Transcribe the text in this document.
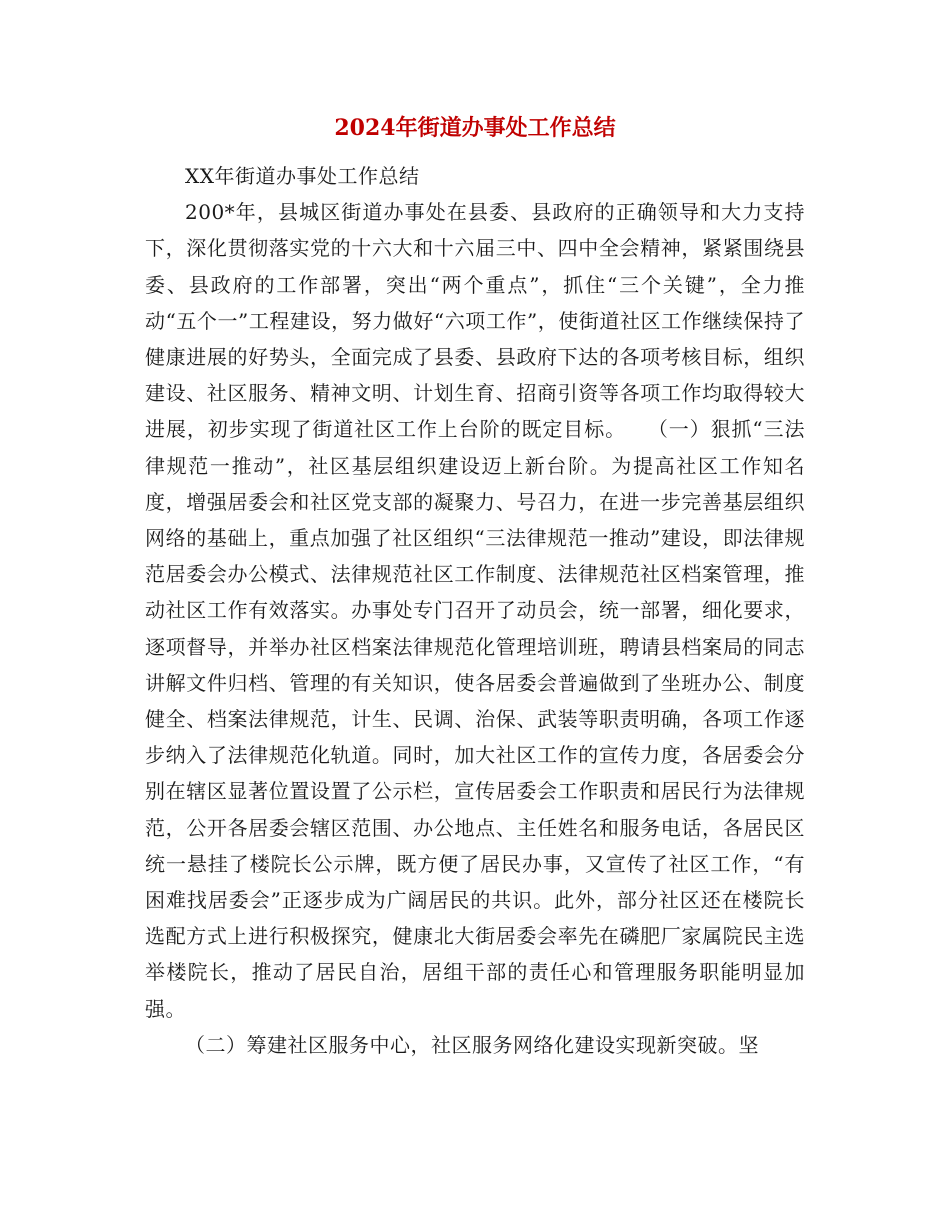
2024年街道办事处工作总结

XX年街道办事处工作总结

200*年，县城区街道办事处在县委、县政府的正确领导和大力支持下，深化贯彻落实党的十六大和十六届三中、四中全会精神，紧紧围绕县委、县政府的工作部署，突出“两个重点”，抓住“三个关键”，全力推动“五个一”工程建设，努力做好“六项工作”，使街道社区工作继续保持了健康进展的好势头，全面完成了县委、县政府下达的各项考核目标，组织建设、社区服务、精神文明、计划生育、招商引资等各项工作均取得较大进展，初步实现了街道社区工作上台阶的既定目标。　　（一）狠抓“三法律规范一推动”，社区基层组织建设迈上新台阶。为提高社区工作知名度，增强居委会和社区党支部的凝聚力、号召力，在进一步完善基层组织网络的基础上，重点加强了社区组织“三法律规范一推动”建设，即法律规范居委会办公模式、法律规范社区工作制度、法律规范社区档案管理，推动社区工作有效落实。办事处专门召开了动员会，统一部署，细化要求，逐项督导，并举办社区档案法律规范化管理培训班，聘请县档案局的同志讲解文件归档、管理的有关知识，使各居委会普遍做到了坐班办公、制度健全、档案法律规范，计生、民调、治保、武装等职责明确，各项工作逐步纳入了法律规范化轨道。同时，加大社区工作的宣传力度，各居委会分别在辖区显著位置设置了公示栏，宣传居委会工作职责和居民行为法律规范，公开各居委会辖区范围、办公地点、主任姓名和服务电话，各居民区统一悬挂了楼院长公示牌，既方便了居民办事，又宣传了社区工作，“有困难找居委会”正逐步成为广阔居民的共识。此外，部分社区还在楼院长选配方式上进行积极探究，健康北大街居委会率先在磷肥厂家属院民主选举楼院长，推动了居民自治，居组干部的责任心和管理服务职能明显加强。

（二）筹建社区服务中心，社区服务网络化建设实现新突破。坚
